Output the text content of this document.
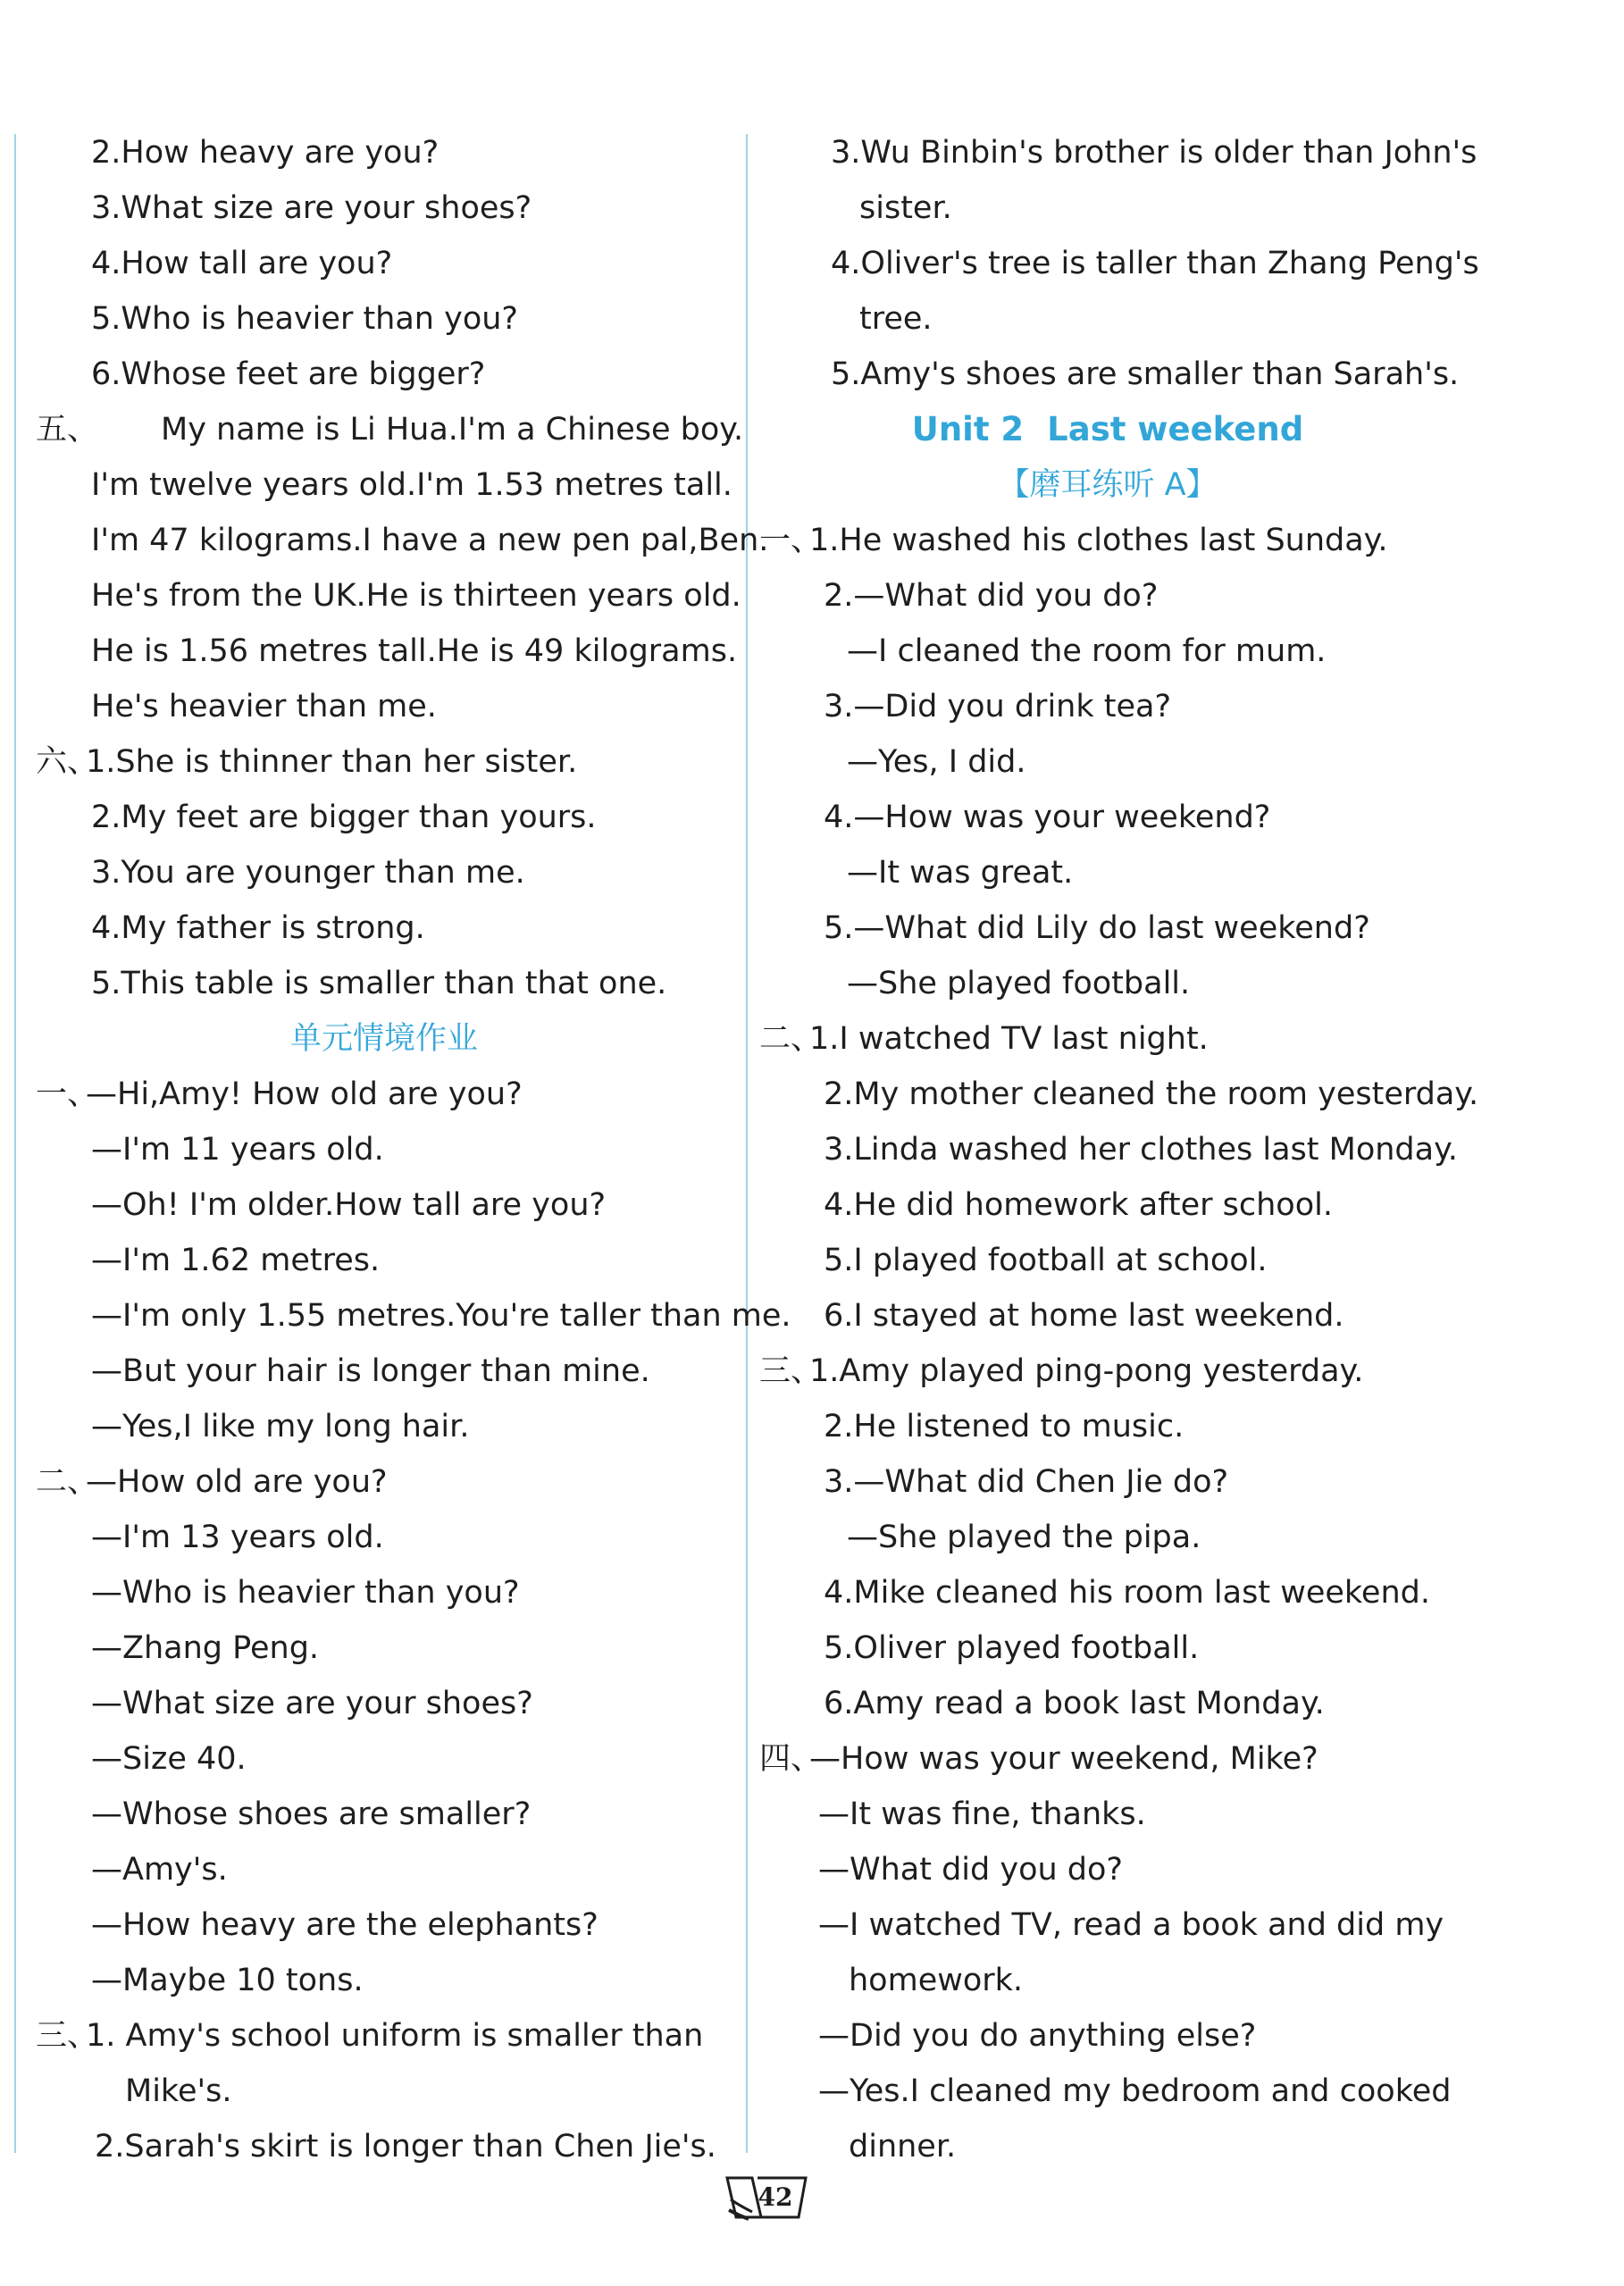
2.How heavy are you?
3.What size are your shoes?
4.How tall are you?
5.Who is heavier than you?
6.Whose feet are bigger?
五、 My name is Li Hua.I'm a Chinese boy.
I'm twelve years old.I'm 1.53 metres tall.
I'm 47 kilograms.I have a new pen pal,Ben.
He's from the UK.He is thirteen years old.
He is 1.56 metres tall.He is 49 kilograms.
He's heavier than me.
六、
1.She is thinner than her sister.
2.My feet are bigger than yours.
3.You are younger than me.
4.My father is strong.
5.This table is smaller than that one.
单元情境作业
一、
—Hi,Amy! How old are you?
—I'm 11 years old.
—Oh! I'm older.How tall are you?
—I'm 1.62 metres.
—I'm only 1.55 metres.You're taller than me.
—But your hair is longer than mine.
—Yes,I like my long hair.
二、
—How old are you?
—I'm 13 years old.
—Who is heavier than you?
—Zhang Peng.
—What size are your shoes?
—Size 40.
—Whose shoes are smaller?
—Amy's.
—How heavy are the elephants?
—Maybe 10 tons.
三、
1. Amy's school uniform is smaller than
Mike's.
2.Sarah's skirt is longer than Chen Jie's.
3.Wu Binbin's brother is older than John's
sister.
4.Oliver's tree is taller than Zhang Peng's
tree.
5.Amy's shoes are smaller than Sarah's.
Unit 2 Last weekend
【磨耳练听 A】
一、
1.He washed his clothes last Sunday.
2.—What did you do?
—I cleaned the room for mum.
3.—Did you drink tea?
—Yes, I did.
4.—How was your weekend?
—It was great.
5.—What did Lily do last weekend?
—She played football.
二、
1.I watched TV last night.
2.My mother cleaned the room yesterday.
3.Linda washed her clothes last Monday.
4.He did homework after school.
5.I played football at school.
6.I stayed at home last weekend.
三、
1.Amy played ping-pong yesterday.
2.He listened to music.
3.—What did Chen Jie do?
—She played the pipa.
4.Mike cleaned his room last weekend.
5.Oliver played football.
6.Amy read a book last Monday.
四、
—How was your weekend, Mike?
—It was fine, thanks.
—What did you do?
—I watched TV, read a book and did my
homework.
—Did you do anything else?
—Yes.I cleaned my bedroom and cooked
dinner.
42
